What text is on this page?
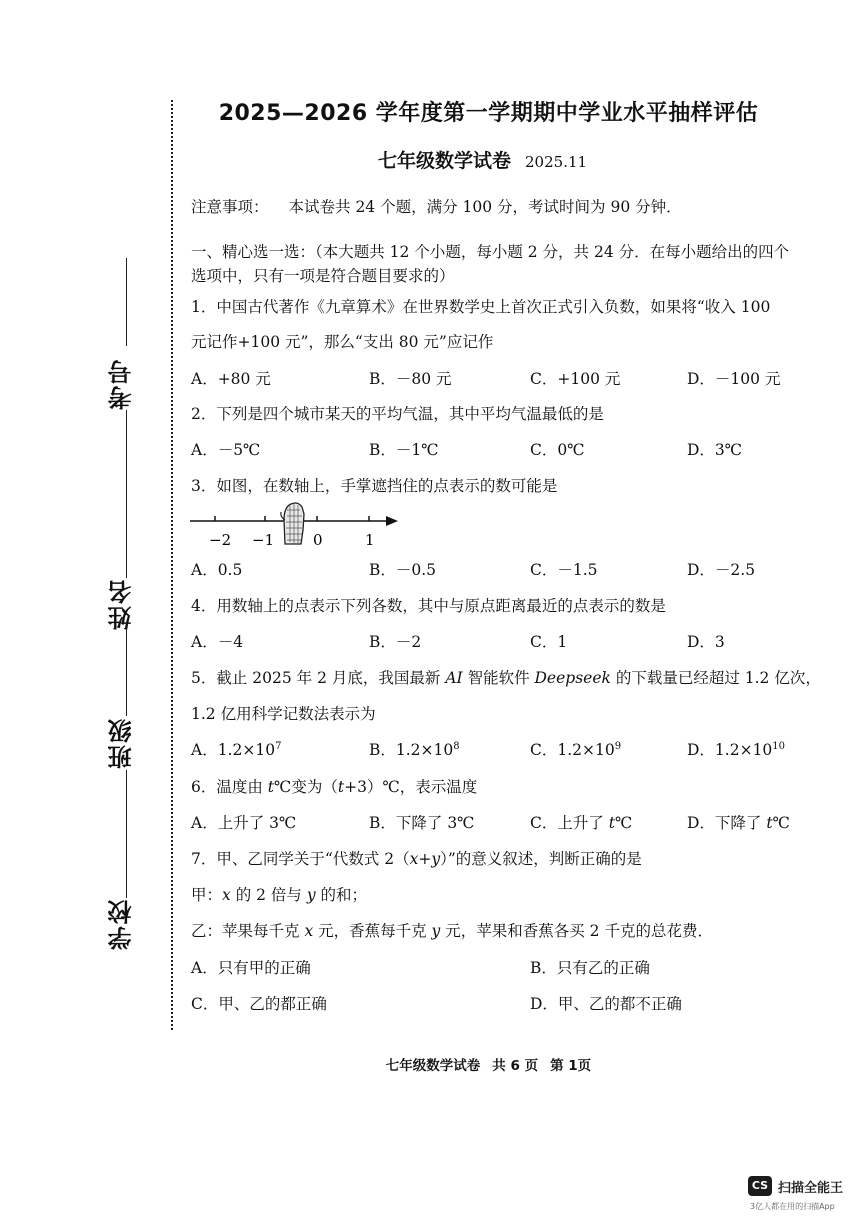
考号
姓名
班级
学校
2025—2026 学年度第一学期期中学业水平抽样评估
七年级数学试卷 2025.11
注意事项： 本试卷共 24 个题，满分 100 分，考试时间为 90 分钟．
一、精心选一选：（本大题共 12 个小题，每小题 2 分，共 24 分．在每小题给出的四个
选项中，只有一项是符合题目要求的）
1．中国古代著作《九章算术》在世界数学史上首次正式引入负数，如果将“收入 100
元记作+100 元”，那么“支出 80 元”应记作
A．+80 元	B．－80 元	C．+100 元	D．－100 元
2．下列是四个城市某天的平均气温，其中平均气温最低的是
A．－5℃	B．－1℃	C．0℃	D．3℃
3．如图，在数轴上，手掌遮挡住的点表示的数可能是
−2 −1	0	1
A．0.5	B．－0.5	C．－1.5	D．－2.5
4．用数轴上的点表示下列各数，其中与原点距离最近的点表示的数是
A．－4	B．－2	C．1	D．3
5．截止 2025 年 2 月底，我国最新 AI 智能软件 Deepseek 的下载量已经超过 1.2 亿次，
1.2 亿用科学记数法表示为
A．$1.2\times 10^7$	B．$1.2\times 10^8$	C．$1.2\times 10^9$	D．$1.2\times 10^{10}$
6．温度由 t℃变为（t+3）℃，表示温度
A．上升了 3℃	B．下降了 3℃	C．上升了 t℃	D．下降了 t℃
7．甲、乙同学关于“代数式 2（x+y）”的意义叙述，判断正确的是
甲：x 的 2 倍与 y 的和；
乙：苹果每千克 x 元，香蕉每千克 y 元，苹果和香蕉各买 2 千克的总花费．
A．只有甲的正确	B．只有乙的正确
C．甲、乙的都正确	D．甲、乙的都不正确
七年级数学试卷 共 6 页 第 1页
CS 扫描全能王
3亿人都在用的扫描App
